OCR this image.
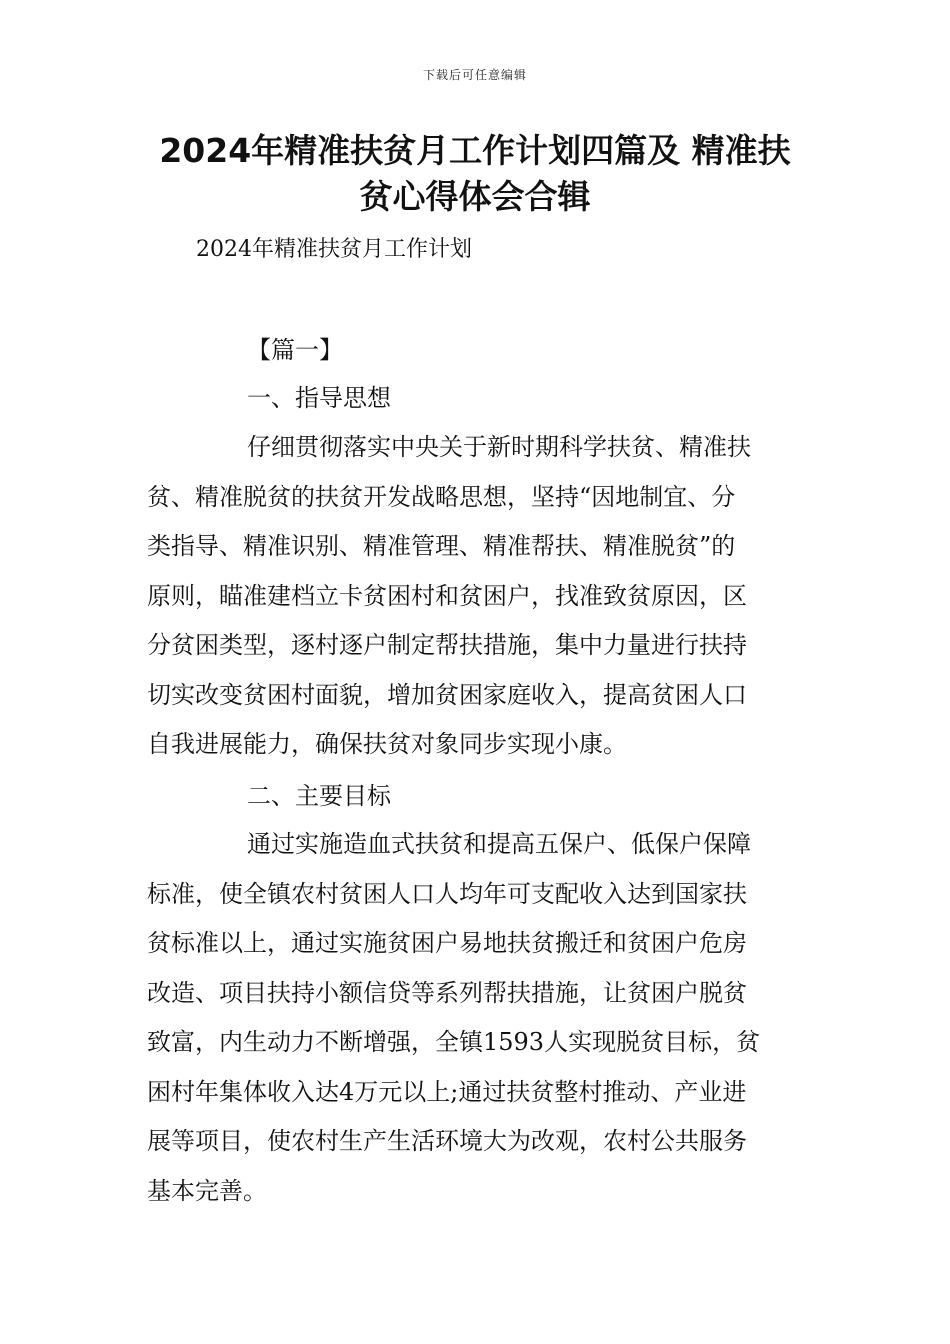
下载后可任意编辑
2024年精准扶贫月工作计划四篇及 精准扶
贫心得体会合辑
2024年精准扶贫月工作计划
【篇一】
一、指导思想
仔细贯彻落实中央关于新时期科学扶贫、精准扶
贫、精准脱贫的扶贫开发战略思想，坚持“因地制宜、分
类指导、精准识别、精准管理、精准帮扶、精准脱贫”的
原则，瞄准建档立卡贫困村和贫困户，找准致贫原因，区
分贫困类型，逐村逐户制定帮扶措施，集中力量进行扶持
切实改变贫困村面貌，增加贫困家庭收入，提高贫困人口
自我进展能力，确保扶贫对象同步实现小康。
二、主要目标
通过实施造血式扶贫和提高五保户、低保户保障
标准，使全镇农村贫困人口人均年可支配收入达到国家扶
贫标准以上，通过实施贫困户易地扶贫搬迁和贫困户危房
改造、项目扶持小额信贷等系列帮扶措施，让贫困户脱贫
致富，内生动力不断增强，全镇1593人实现脱贫目标，贫
困村年集体收入达4万元以上;通过扶贫整村推动、产业进
展等项目，使农村生产生活环境大为改观，农村公共服务
基本完善。
